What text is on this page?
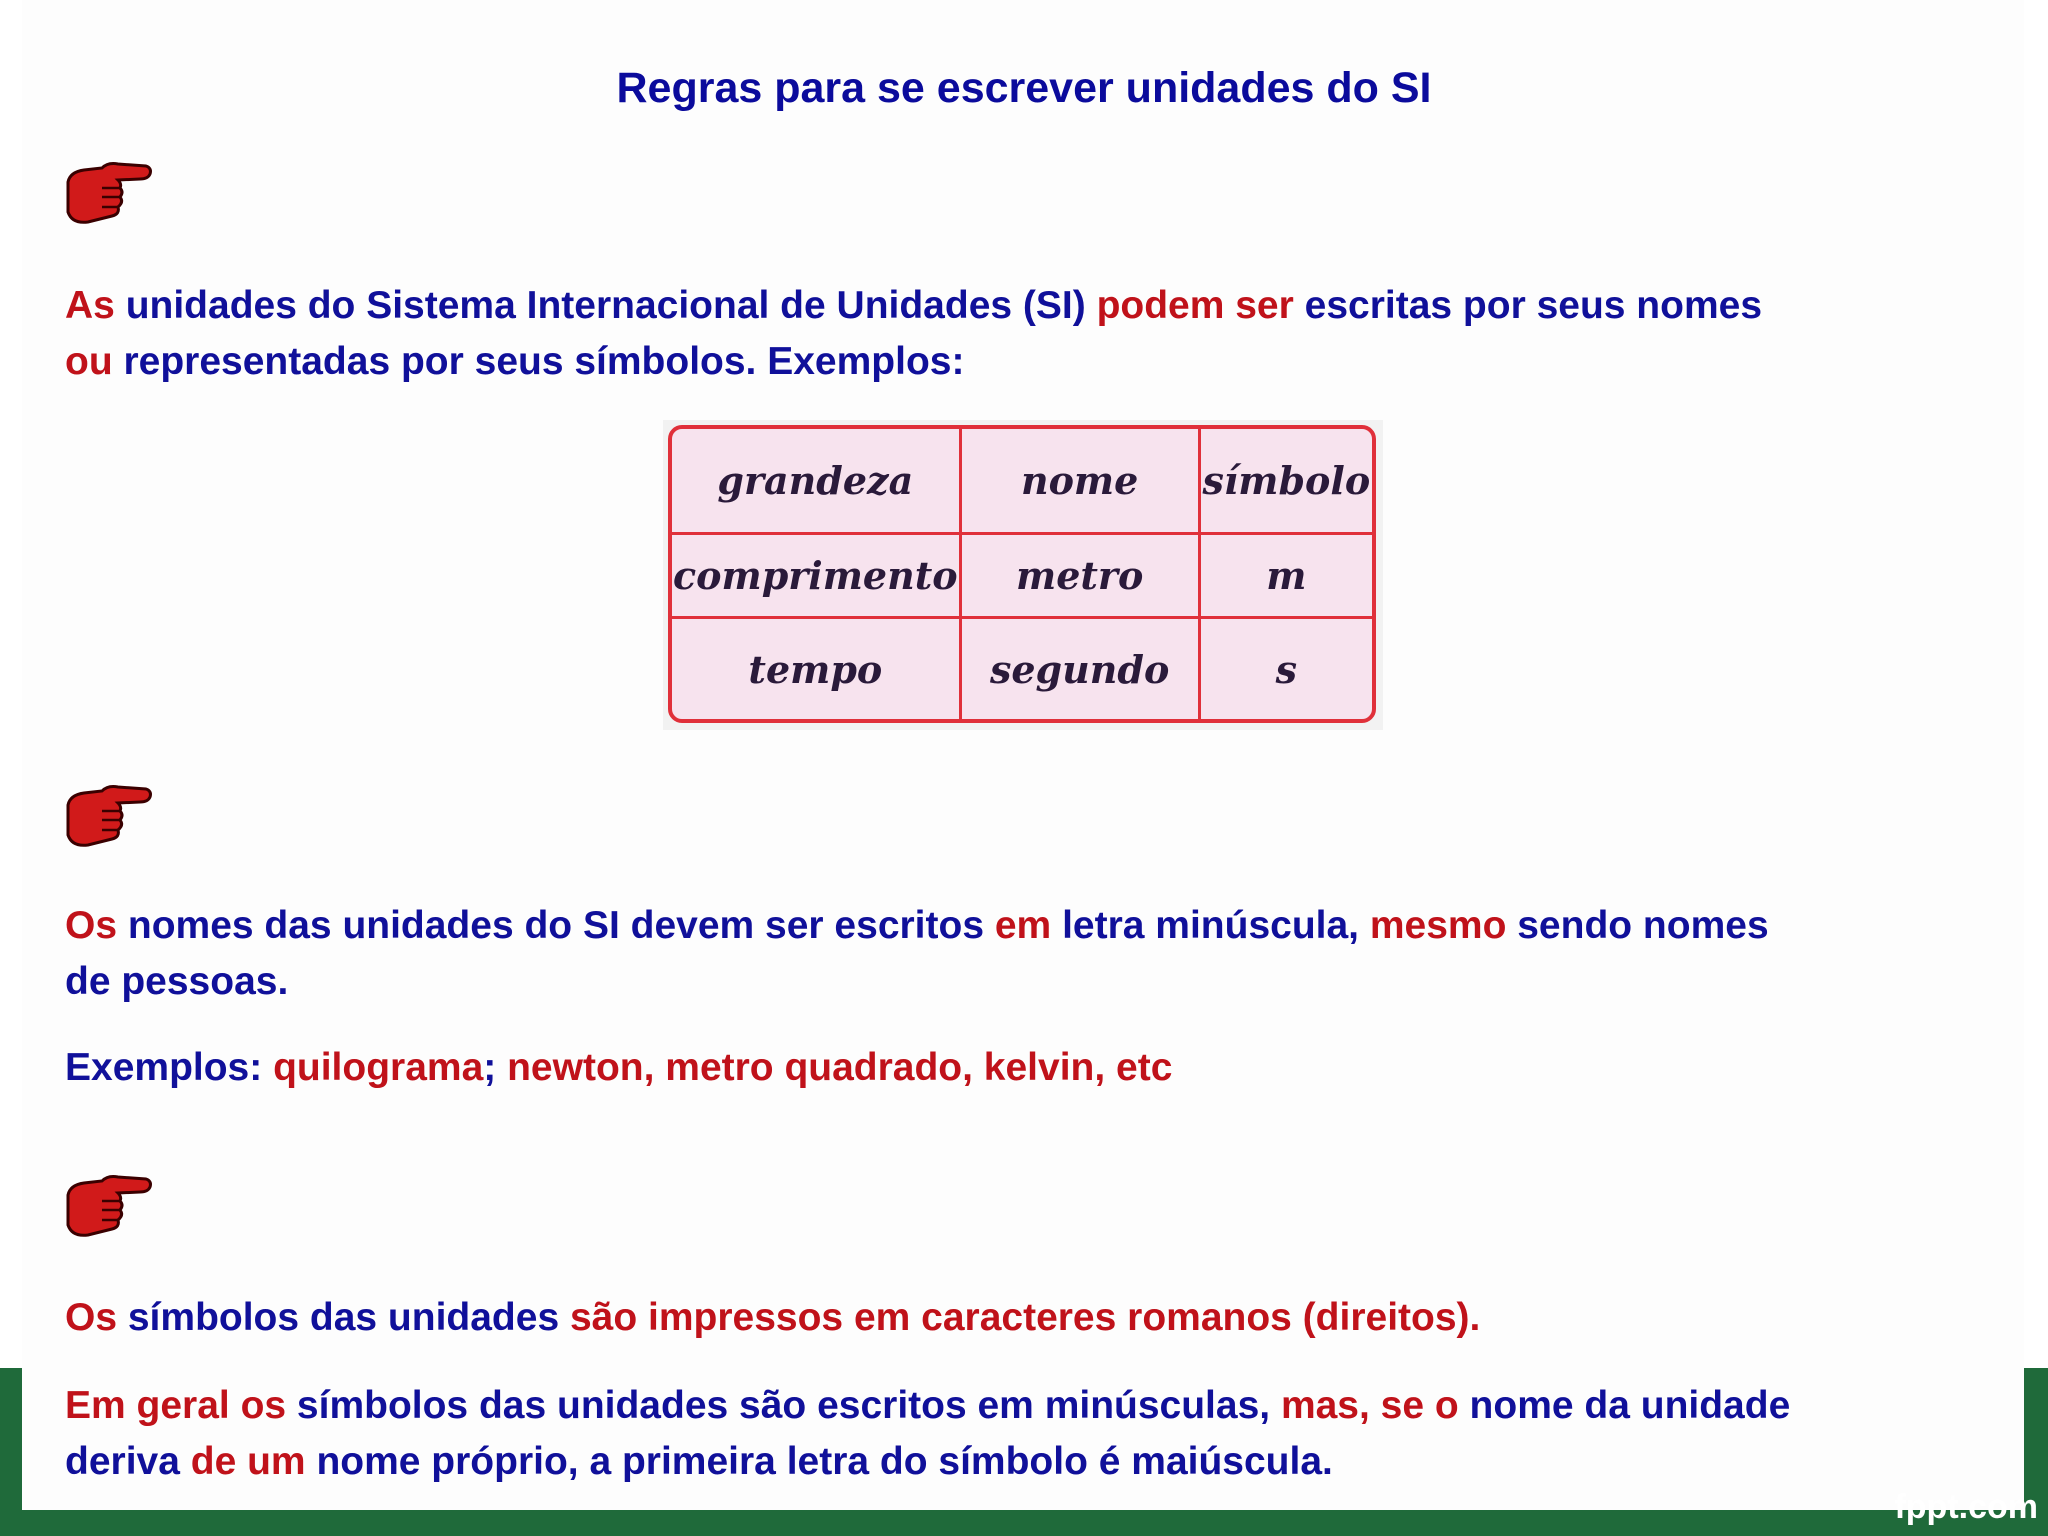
Regras para se escrever unidades do SI
As unidades do Sistema Internacional de Unidades (SI) podem ser escritas por seus nomes
ou representadas por seus símbolos. Exemplos:
grandeza	nome	símbolo
comprimento	metro	m
tempo	segundo	s
Os nomes das unidades do SI devem ser escritos em letra minúscula, mesmo sendo nomes
de pessoas.
Exemplos: quilograma; newton, metro quadrado, kelvin, etc
Os símbolos das unidades são impressos em caracteres romanos (direitos).
Em geral os símbolos das unidades são escritos em minúsculas, mas, se o nome da unidade
deriva de um nome próprio, a primeira letra do símbolo é maiúscula.
fppt.com
